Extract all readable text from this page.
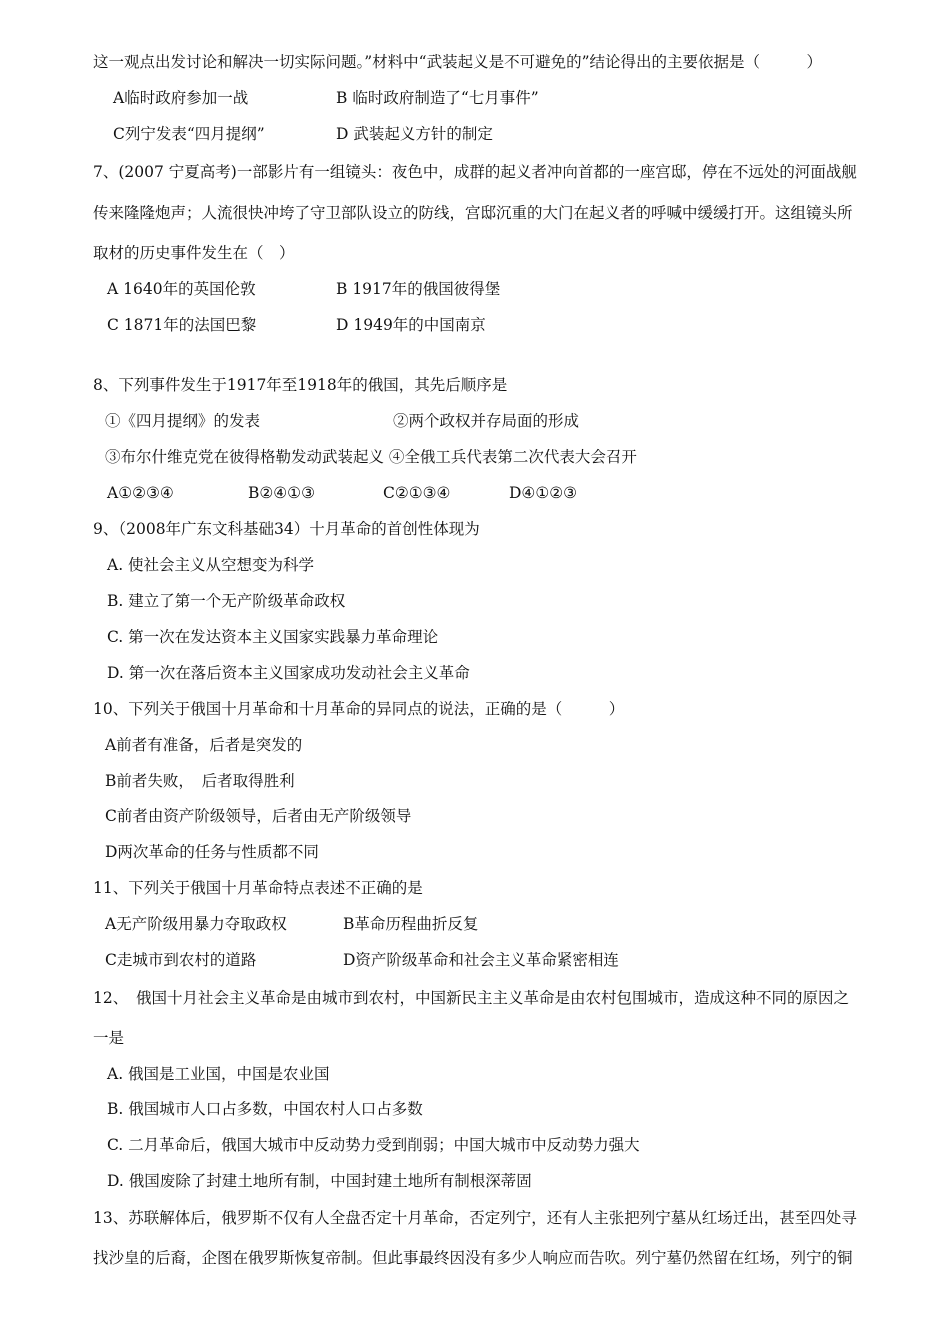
这一观点出发讨论和解决一切实际问题。”材料中“武装起义是不可避免的”结论得出的主要依据是（　　　）
A临时政府参加一战	B 临时政府制造了“七月事件”
C列宁发表“四月提纲”	D 武装起义方针的制定
7、(2007 宁夏高考)一部影片有一组镜头：夜色中，成群的起义者冲向首都的一座宫邸，停在不远处的河面战舰
传来隆隆炮声；人流很快冲垮了守卫部队设立的防线，宫邸沉重的大门在起义者的呼喊中缓缓打开。这组镜头所
取材的历史事件发生在（　）
A 1640年的英国伦敦	B 1917年的俄国彼得堡
C 1871年的法国巴黎	D 1949年的中国南京
8、下列事件发生于1917年至1918年的俄国，其先后顺序是
①《四月提纲》的发表	②两个政权并存局面的形成
③布尔什维克党在彼得格勒发动武装起义 ④全俄工兵代表第二次代表大会召开
A①②③④	B②④①③	C②①③④	D④①②③
9、（2008年广东文科基础34）十月革命的首创性体现为
A. 使社会主义从空想变为科学
B. 建立了第一个无产阶级革命政权
C. 第一次在发达资本主义国家实践暴力革命理论
D. 第一次在落后资本主义国家成功发动社会主义革命
10、下列关于俄国十月革命和十月革命的异同点的说法，正确的是（　　　）
A前者有准备，后者是突发的
B前者失败，　后者取得胜利
C前者由资产阶级领导，后者由无产阶级领导
D两次革命的任务与性质都不同
11、下列关于俄国十月革命特点表述不正确的是
A无产阶级用暴力夺取政权	B革命历程曲折反复
C走城市到农村的道路	D资产阶级革命和社会主义革命紧密相连
12、　俄国十月社会主义革命是由城市到农村，中国新民主主义革命是由农村包围城市，造成这种不同的原因之
一是
A. 俄国是工业国，中国是农业国
B. 俄国城市人口占多数，中国农村人口占多数
C. 二月革命后，俄国大城市中反动势力受到削弱；中国大城市中反动势力强大
D. 俄国废除了封建土地所有制，中国封建土地所有制根深蒂固
13、苏联解体后，俄罗斯不仅有人全盘否定十月革命，否定列宁，还有人主张把列宁墓从红场迁出，甚至四处寻
找沙皇的后裔，企图在俄罗斯恢复帝制。但此事最终因没有多少人响应而告吹。列宁墓仍然留在红场，列宁的铜
